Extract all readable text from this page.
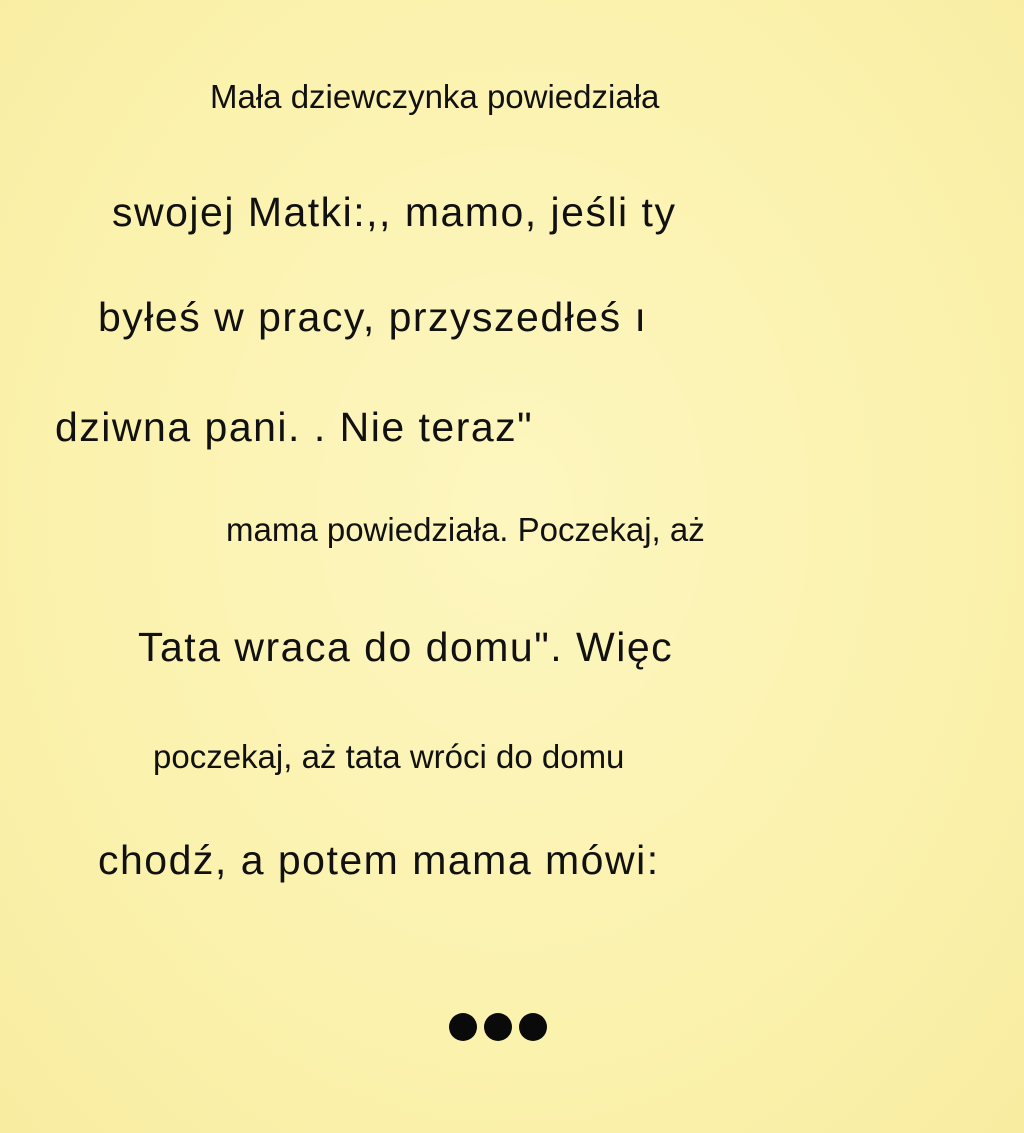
Mała dziewczynka powiedziała
swojej Matki:,, mamo, jeśli ty
byłeś w pracy, przyszedłeś ı
dziwna pani. . Nie teraz"
mama powiedziała. Poczekaj, aż
Tata wraca do domu". Więc
poczekaj, aż tata wróci do domu
chodź, a potem mama mówi:
